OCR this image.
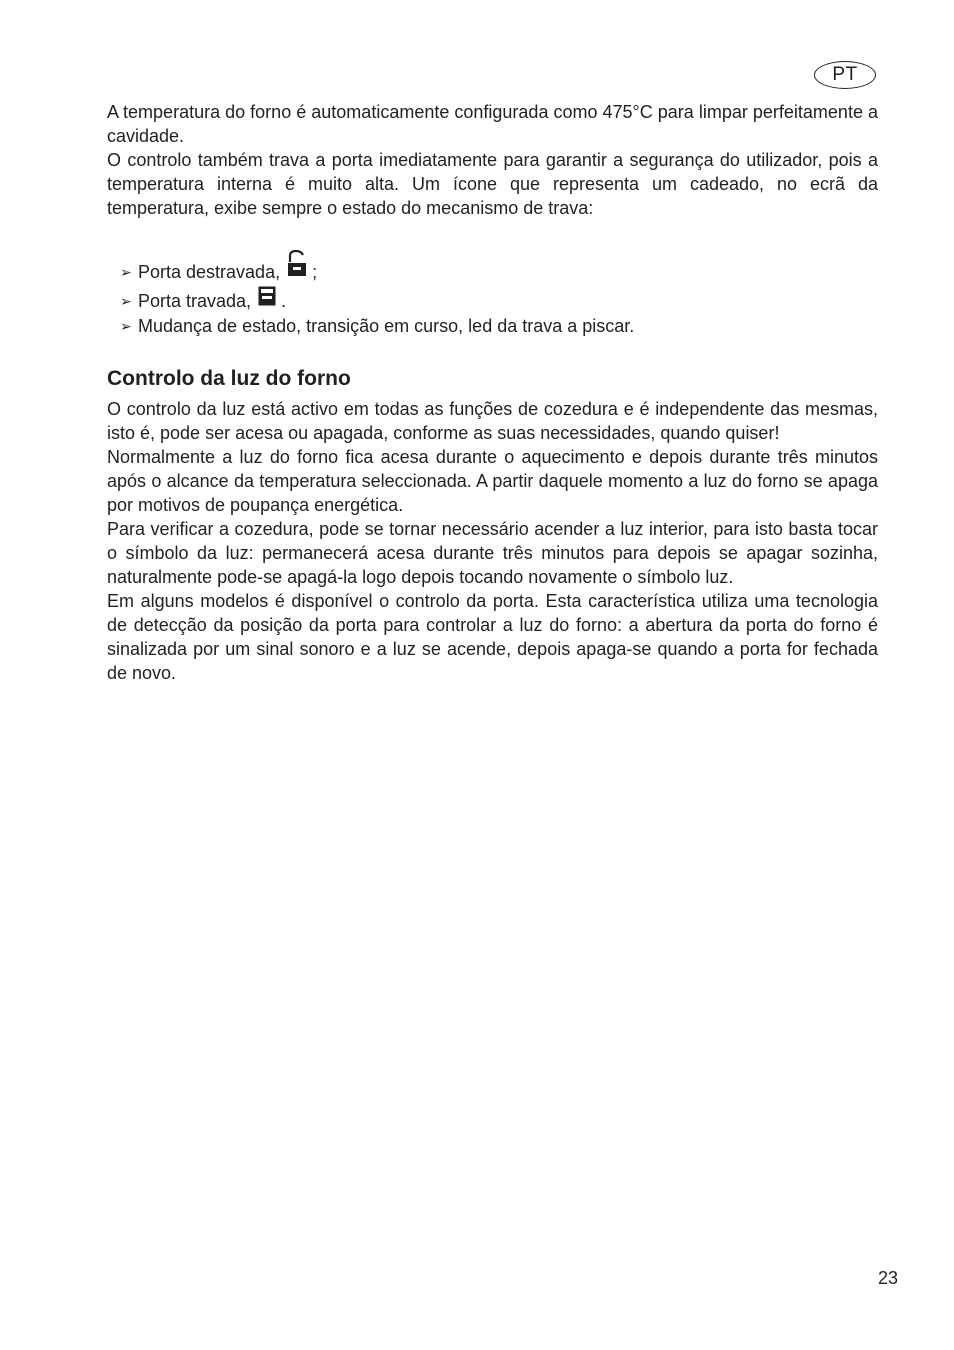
PT

A temperatura do forno é automaticamente configurada como 475°C para limpar perfeitamente a cavidade.

O controlo também trava a porta imediatamente para garantir a segurança do utilizador, pois a temperatura interna é muito alta. Um ícone que representa um cadeado, no ecrã da temperatura, exibe sempre o estado do mecanismo de trava:

➢ Porta destravada, ;
➢ Porta travada, .
➢ Mudança de estado, transição em curso, led da trava a piscar.
Controlo da luz do forno

O controlo da luz está activo em todas as funções de cozedura e é independente das mesmas, isto é, pode ser acesa ou apagada, conforme as suas necessidades, quando quiser!

Normalmente a luz do forno fica acesa durante o aquecimento e depois durante três minutos após o alcance da temperatura seleccionada. A partir daquele momento a luz do forno se apaga por motivos de poupança energética.

Para verificar a cozedura, pode se tornar necessário acender a luz interior, para isto basta tocar o símbolo da luz: permanecerá acesa durante três minutos para depois se apagar sozinha, naturalmente pode-se apagá-la logo depois tocando novamente o símbolo luz.

Em alguns modelos é disponível o controlo da porta. Esta característica utiliza uma tecnologia de detecção da posição da porta para controlar a luz do forno: a abertura da porta do forno é sinalizada por um sinal sonoro e a luz se acende, depois apaga-se quando a porta for fechada de novo.

23
